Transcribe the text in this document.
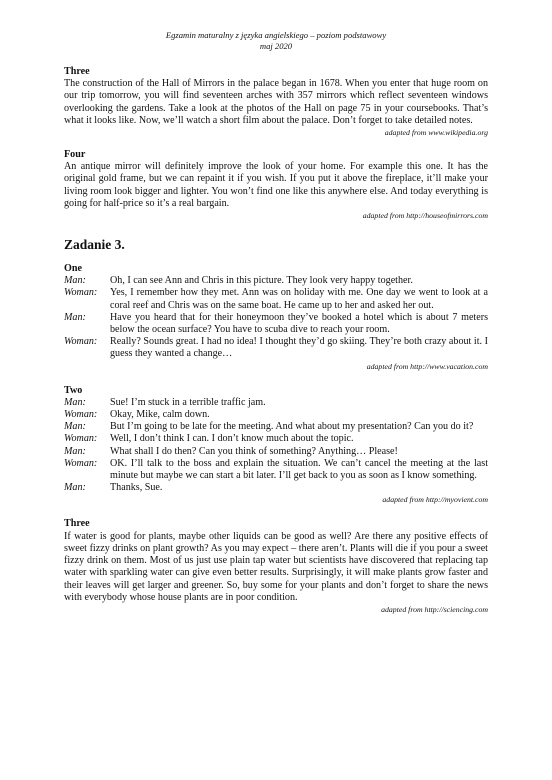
Egzamin maturalny z języka angielskiego – poziom podstawowy
maj 2020

Three

The construction of the Hall of Mirrors in the palace began in 1678. When you enter that huge room on our trip tomorrow, you will find seventeen arches with 357 mirrors which reflect seventeen windows overlooking the gardens. Take a look at the photos of the Hall on page 75 in your coursebooks. That’s what it looks like. Now, we’ll watch a short film about the palace. Don’t forget to take detailed notes.

adapted from www.wikipedia.org

Four

An antique mirror will definitely improve the look of your home. For example this one. It has the original gold frame, but we can repaint it if you wish. If you put it above the fireplace, it’ll make your living room look bigger and lighter. You won’t find one like this anywhere else. And today everything is going for half-price so it’s a real bargain.

adapted from http://houseofmirrors.com

Zadanie 3.

One

Man:	Oh, I can see Ann and Chris in this picture. They look very happy together.
Woman:	Yes, I remember how they met. Ann was on holiday with me. One day we went to look at a coral reef and Chris was on the same boat. He came up to her and asked her out.
Man:	Have you heard that for their honeymoon they’ve booked a hotel which is about 7 meters below the ocean surface? You have to scuba dive to reach your room.
Woman:	Really? Sounds great. I had no idea! I thought they’d go skiing. They’re both crazy about it. I guess they wanted a change…

adapted from http://www.vacation.com

Two

Man:	Sue! I’m stuck in a terrible traffic jam.
Woman:	Okay, Mike, calm down.
Man:	But I’m going to be late for the meeting. And what about my presentation? Can you do it?
Woman:	Well, I don’t think I can. I don’t know much about the topic.
Man:	What shall I do then? Can you think of something? Anything… Please!
Woman:	OK. I’ll talk to the boss and explain the situation. We can’t cancel the meeting at the last minute but maybe we can start a bit later. I’ll get back to you as soon as I know something.
Man:	Thanks, Sue.

adapted from http://myovient.com

Three

If water is good for plants, maybe other liquids can be good as well? Are there any positive effects of sweet fizzy drinks on plant growth? As you may expect – there aren’t. Plants will die if you pour a sweet fizzy drink on them. Most of us just use plain tap water but scientists have discovered that replacing tap water with sparkling water can give even better results. Surprisingly, it will make plants grow faster and their leaves will get larger and greener. So, buy some for your plants and don’t forget to share the news with everybody whose house plants are in poor condition.

adapted from http://sciencing.com
